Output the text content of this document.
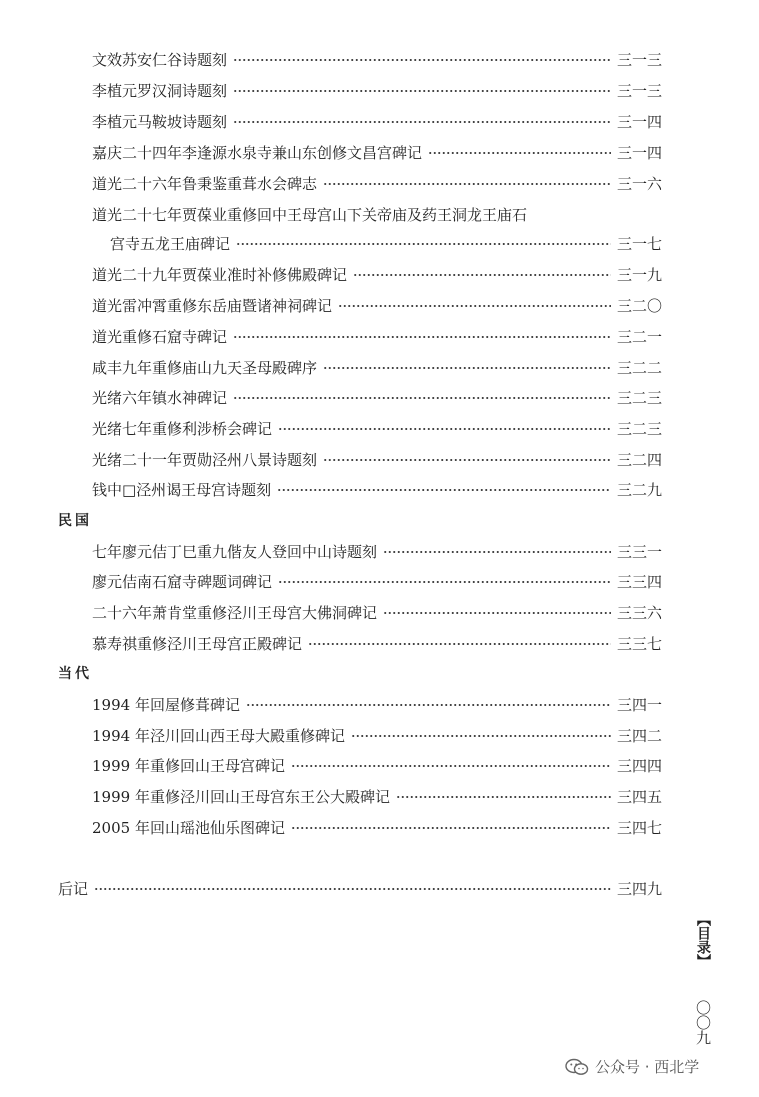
文效苏安仁谷诗题刻	三一三
李植元罗汉洞诗题刻	三一三
李植元马鞍坡诗题刻	三一四
嘉庆二十四年李逢源水泉寺兼山东创修文昌宫碑记	三一四
道光二十六年鲁秉鉴重葺水会碑志	三一六
道光二十七年贾葆业重修回中王母宫山下关帝庙及药王洞龙王庙石
宫寺五龙王庙碑记	三一七
道光二十九年贾葆业准时补修佛殿碑记	三一九
道光雷冲霄重修东岳庙暨诸神祠碑记	三二〇
道光重修石窟寺碑记	三二一
咸丰九年重修庙山九天圣母殿碑序	三二二
光绪六年镇水神碑记	三二三
光绪七年重修利涉桥会碑记	三二三
光绪二十一年贾勋泾州八景诗题刻	三二四
钱中□泾州谒王母宫诗题刻	三二九
民国
七年廖元佶丁巳重九偕友人登回中山诗题刻	三三一
廖元佶南石窟寺碑题词碑记	三三四
二十六年萧肯堂重修泾川王母宫大佛洞碑记	三三六
慕寿祺重修泾川王母宫正殿碑记	三三七
当代
1994 年回屋修葺碑记	三四一
1994 年泾川回山西王母大殿重修碑记	三四二
1999 年重修回山王母宫碑记	三四四
1999 年重修泾川回山王母宫东王公大殿碑记	三四五
2005 年回山瑶池仙乐图碑记	三四七
后记	三四九
【目录】
〇〇九
公众号 · 西北学
